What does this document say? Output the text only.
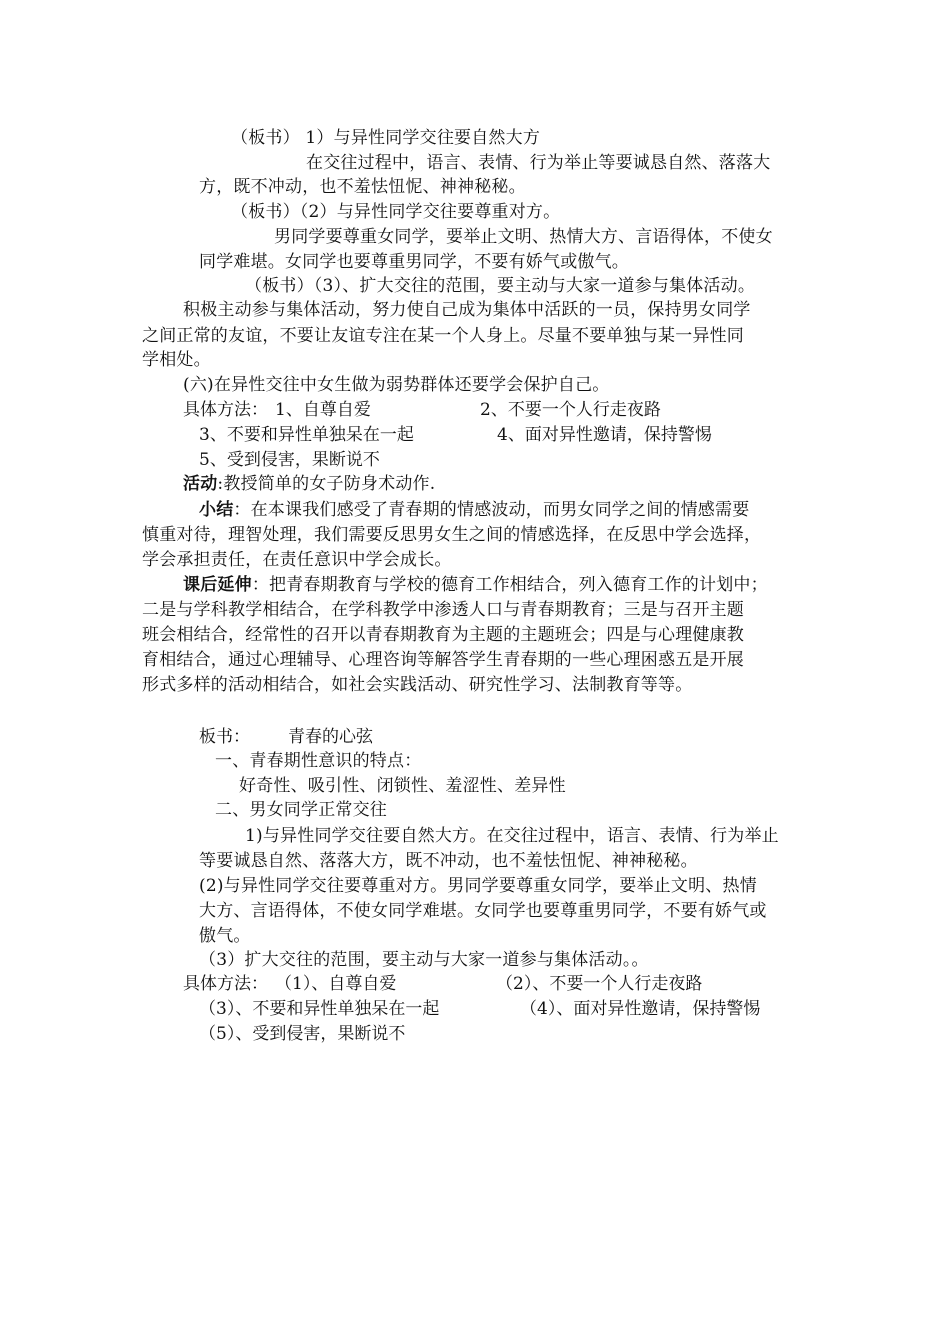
（板书） 1）与异性同学交往要自然大方
在交往过程中，语言、表情、行为举止等要诚恳自然、落落大
方，既不冲动，也不羞怯忸怩、神神秘秘。
（板书）（2）与异性同学交往要尊重对方。
男同学要尊重女同学，要举止文明、热情大方、言语得体，不使女
同学难堪。女同学也要尊重男同学，不要有娇气或傲气。
（板书）（3）、扩大交往的范围，要主动与大家一道参与集体活动。
积极主动参与集体活动，努力使自己成为集体中活跃的一员，保持男女同学
之间正常的友谊，不要让友谊专注在某一个人身上。尽量不要单独与某一异性同
学相处。
(六)在异性交往中女生做为弱势群体还要学会保护自己。
具体方法： 1、自尊自爱	2、不要一个人行走夜路
3、不要和异性单独呆在一起	4、面对异性邀请，保持警惕
5、受到侵害，果断说不
活动:教授简单的女子防身术动作.
小结：在本课我们感受了青春期的情感波动，而男女同学之间的情感需要
慎重对待，理智处理，我们需要反思男女生之间的情感选择，在反思中学会选择，
学会承担责任，在责任意识中学会成长。
课后延伸：把青春期教育与学校的德育工作相结合，列入德育工作的计划中；
二是与学科教学相结合，在学科教学中渗透人口与青春期教育；三是与召开主题
班会相结合，经常性的召开以青春期教育为主题的主题班会；四是与心理健康教
育相结合，通过心理辅导、心理咨询等解答学生青春期的一些心理困惑五是开展
形式多样的活动相结合，如社会实践活动、研究性学习、法制教育等等。
板书： 青春的心弦
一、青春期性意识的特点：
好奇性、吸引性、闭锁性、羞涩性、差异性
二、男女同学正常交往
1)与异性同学交往要自然大方。在交往过程中，语言、表情、行为举止
等要诚恳自然、落落大方，既不冲动，也不羞怯忸怩、神神秘秘。
(2)与异性同学交往要尊重对方。男同学要尊重女同学，要举止文明、热情
大方、言语得体，不使女同学难堪。女同学也要尊重男同学，不要有娇气或
傲气。
（3）扩大交往的范围，要主动与大家一道参与集体活动。。
具体方法： （1）、自尊自爱	（2）、不要一个人行走夜路
（3）、不要和异性单独呆在一起	（4）、面对异性邀请，保持警惕
（5）、受到侵害，果断说不
